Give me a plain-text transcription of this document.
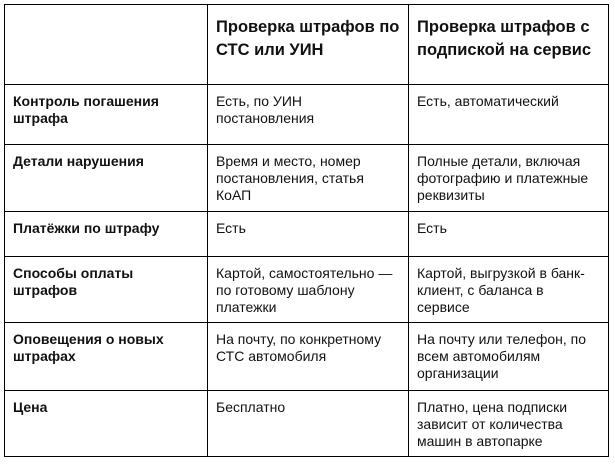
	Проверка штрафов по СТС или УИН	Проверка штрафов с подпиской на сервис
Контроль погашения штрафа	Есть, по УИН постановления	Есть, автоматический
Детали нарушения	Время и место, номер постановления, статья КоАП	Полные детали, включая фотографию и платежные реквизиты
Платёжки по штрафу	Есть	Есть
Способы оплаты штрафов	Картой, самостоятельно — по готовому шаблону платежки	Картой, выгрузкой в банк-клиент, с баланса в сервисе
Оповещения о новых штрафах	На почту, по конкретному СТС автомобиля	На почту или телефон, по всем автомобилям организации
Цена	Бесплатно	Платно, цена подписки зависит от количества машин в автопарке
